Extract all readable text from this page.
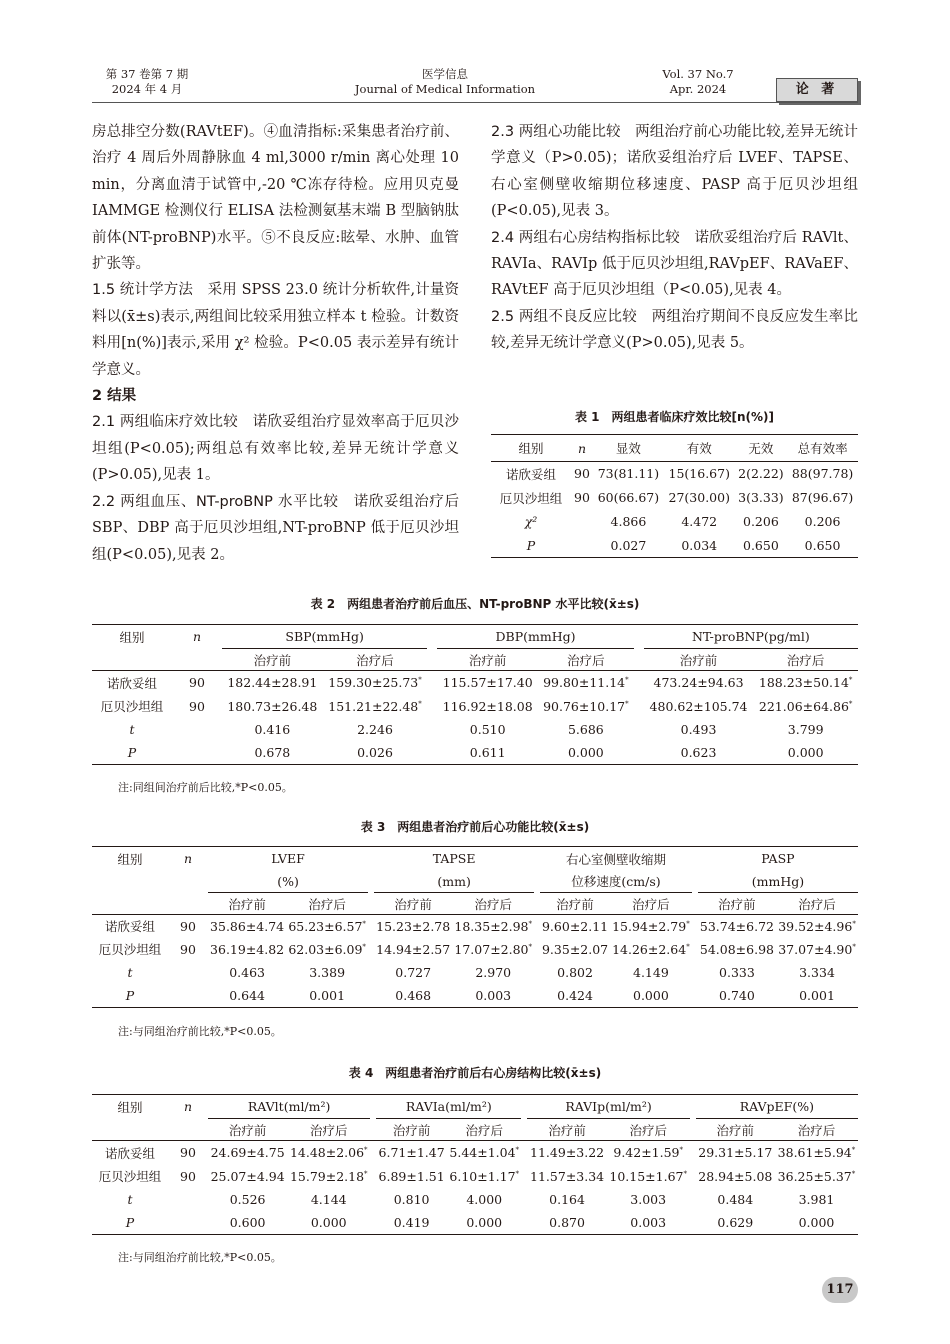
第 37 卷第 7 期
2024 年 4 月
医学信息
Journal of Medical Information
Vol. 37 No.7
Apr. 2024	论 著

房总排空分数(RAVtEF)。④血清指标:采集患者治疗前、治疗 4 周后外周静脉血 4 ml,3000 r/min 离心处理 10 min，分离血清于试管中,-20 ℃冻存待检。应用贝克曼 IAMMGE 检测仪行 ELISA 法检测氨基末端 B 型脑钠肽前体(NT-proBNP)水平。⑤不良反应:眩晕、水肿、血管扩张等。

1.5 统计学方法　 采用 SPSS 23.0 统计分析软件,计量资料以(x̄±s)表示,两组间比较采用独立样本 t 检验。计数资料用[n(%)]表示,采用 χ² 检验。P<0.05 表示差异有统计学意义。

2 结果

2.1 两组临床疗效比较　 诺欣妥组治疗显效率高于厄贝沙坦组(P<0.05);两组总有效率比较,差异无统计学意义(P>0.05),见表 1。

2.2 两组血压、NT-proBNP 水平比较　 诺欣妥组治疗后 SBP、DBP 高于厄贝沙坦组,NT-proBNP 低于厄贝沙坦组(P<0.05),见表 2。

2.3 两组心功能比较　 两组治疗前心功能比较,差异无统计学意义（P>0.05)；诺欣妥组治疗后 LVEF、TAPSE、右心室侧壁收缩期位移速度、PASP 高于厄贝沙坦组(P<0.05),见表 3。

2.4 两组右心房结构指标比较　 诺欣妥组治疗后 RAVlt、RAVIa、RAVIp 低于厄贝沙坦组,RAVpEF、RAVaEF、RAVtEF 高于厄贝沙坦组（P<0.05),见表 4。

2.5 两组不良反应比较　 两组治疗期间不良反应发生率比较,差异无统计学意义(P>0.05),见表 5。

表 1　两组患者临床疗效比较[n(%)]
组别	n	显效	有效	无效	总有效率
诺欣妥组	90	73(81.11)	15(16.67)	2(2.22)	88(97.78)
厄贝沙坦组	90	60(66.67)	27(30.00)	3(3.33)	87(96.67)
χ²		4.866	4.472	0.206	0.206
P		0.027	0.034	0.650	0.650
表 2　两组患者治疗前后血压、NT-proBNP 水平比较(x̄±s)
组别	n	SBP(mmHg)			DBP(mmHg)			NT-proBNP(pg/ml)	
		治疗前	治疗后		治疗前	治疗后		治疗前	治疗后
诺欣妥组	90	182.44±28.91	159.30±25.73*		115.57±17.40	99.80±11.14*		473.24±94.63	188.23±50.14*
厄贝沙坦组	90	180.73±26.48	151.21±22.48*		116.92±18.08	90.76±10.17*		480.62±105.74	221.06±64.86*
t		0.416	2.246		0.510	5.686		0.493	3.799
P		0.678	0.026		0.611	0.000		0.623	0.000
注:同组间治疗前后比较,*P<0.05。
表 3　两组患者治疗前后心功能比较(x̄±s)
组别	n	LVEF			TAPSE			右心室侧壁收缩期			PASP	
		(%)			(mm)			位移速度(cm/s)			(mmHg)	
		治疗前	治疗后		治疗前	治疗后		治疗前	治疗后		治疗前	治疗后
诺欣妥组	90	35.86±4.74	65.23±6.57*		15.23±2.78	18.35±2.98*		9.60±2.11	15.94±2.79*		53.74±6.72	39.52±4.96*
厄贝沙坦组	90	36.19±4.82	62.03±6.09*		14.94±2.57	17.07±2.80*		9.35±2.07	14.26±2.64*		54.08±6.98	37.07±4.90*
t		0.463	3.389		0.727	2.970		0.802	4.149		0.333	3.334
P		0.644	0.001		0.468	0.003		0.424	0.000		0.740	0.001
注:与同组治疗前比较,*P<0.05。
表 4　两组患者治疗前后右心房结构比较(x̄±s)
组别	n	RAVlt(ml/m²)			RAVIa(ml/m²)			RAVIp(ml/m²)			RAVpEF(%)	
		治疗前	治疗后		治疗前	治疗后		治疗前	治疗后		治疗前	治疗后
诺欣妥组	90	24.69±4.75	14.48±2.06*		6.71±1.47	5.44±1.04*		11.49±3.22	9.42±1.59*		29.31±5.17	38.61±5.94*
厄贝沙坦组	90	25.07±4.94	15.79±2.18*		6.89±1.51	6.10±1.17*		11.57±3.34	10.15±1.67*		28.94±5.08	36.25±5.37*
t		0.526	4.144		0.810	4.000		0.164	3.003		0.484	3.981
P		0.600	0.000		0.419	0.000		0.870	0.003		0.629	0.000
注:与同组治疗前比较,*P<0.05。
117
